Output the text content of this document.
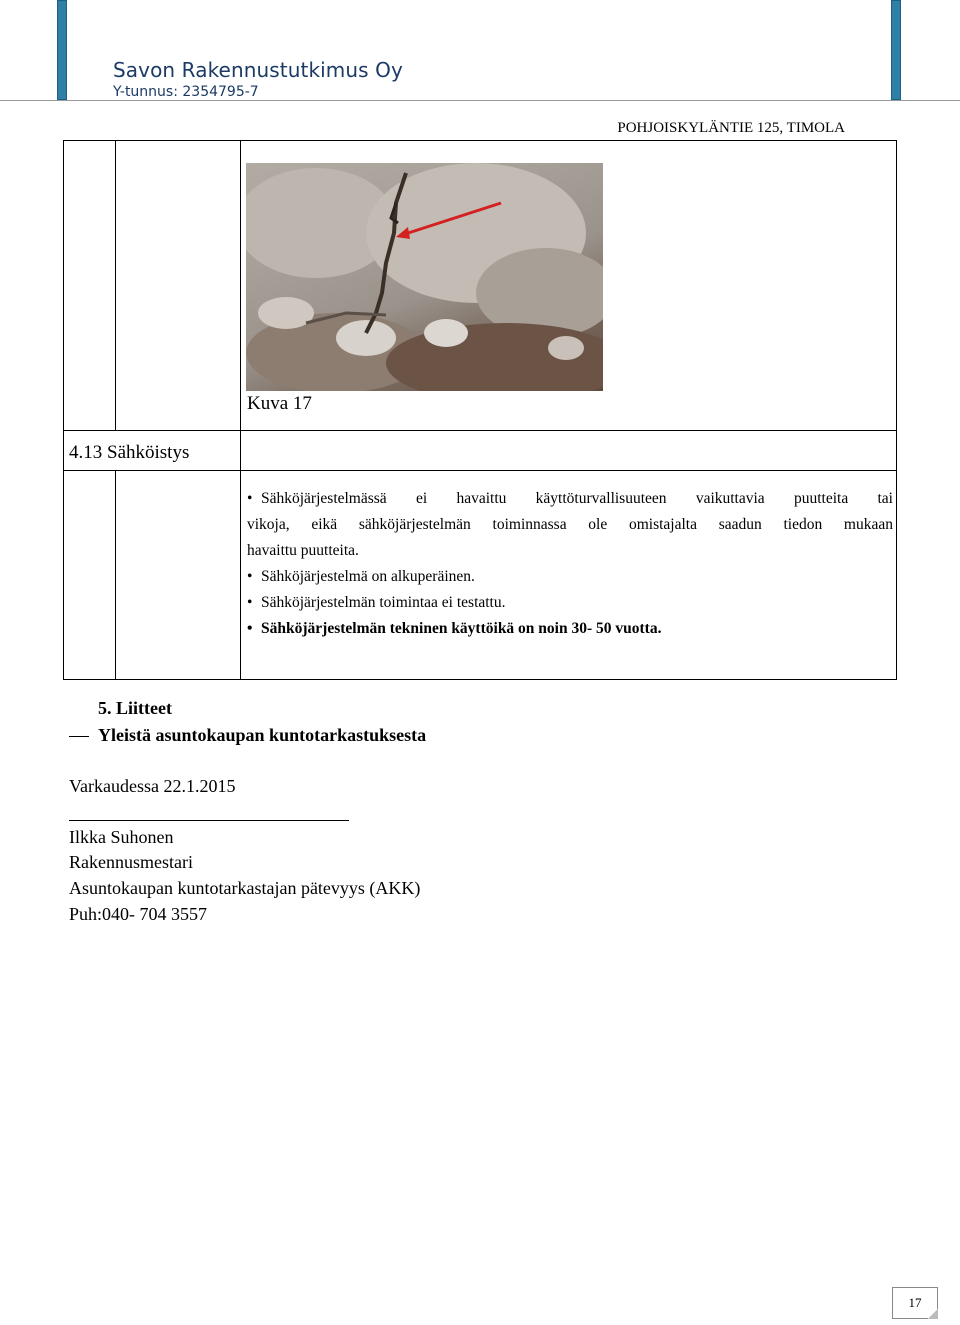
Savon Rakennustutkimus Oy
Y-tunnus: 2354795-7
POHJOISKYLÄNTIE 125, TIMOLA
Kuva 17
4.13 Sähköistys
• Sähköjärjestelmässä ei havaittu käyttöturvallisuuteen vaikuttavia puutteita tai
vikoja, eikä sähköjärjestelmän toiminnassa ole omistajalta saadun tiedon mukaan
havaittu puutteita.
• Sähköjärjestelmä on alkuperäinen.
• Sähköjärjestelmän toimintaa ei testattu.
• Sähköjärjestelmän tekninen käyttöikä on noin 30- 50 vuotta.
5. Liitteet
Yleistä asuntokaupan kuntotarkastuksesta
Varkaudessa 22.1.2015
Ilkka Suhonen
Rakennusmestari
Asuntokaupan kuntotarkastajan pätevyys (AKK)
Puh:040- 704 3557
17
